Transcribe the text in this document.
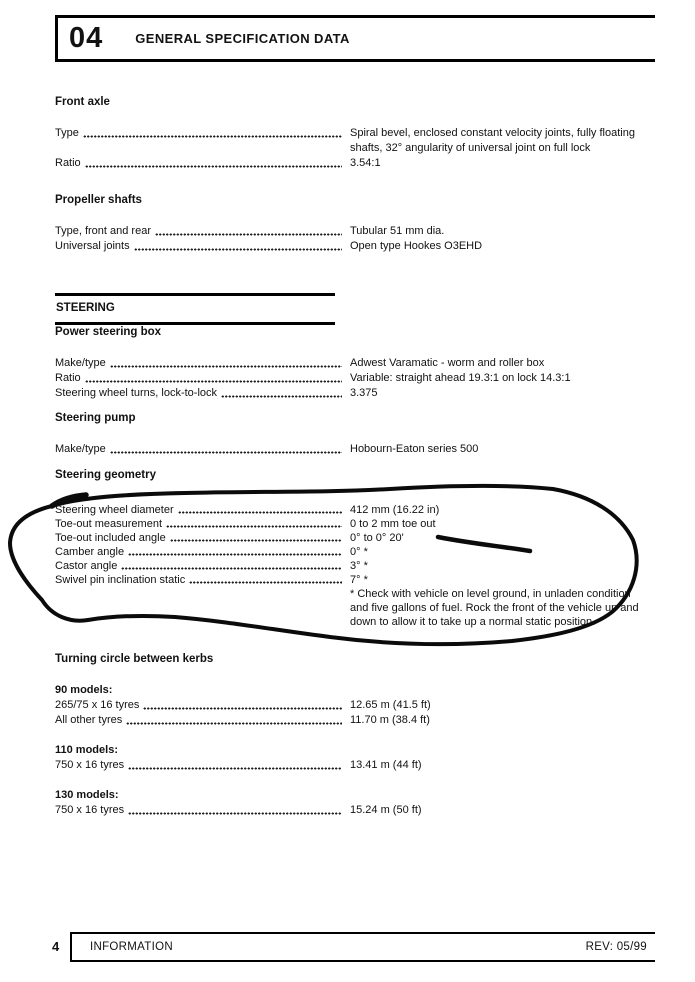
04 GENERAL SPECIFICATION DATA
Front axle
Type	Spiral bevel, enclosed constant velocity joints, fully floating shafts, 32° angularity of universal joint on full lock
Ratio	3.54:1
Propeller shafts
Type, front and rear	Tubular 51 mm dia.
Universal joints	Open type Hookes O3EHD
STEERING
Power steering box
Make/type	Adwest Varamatic - worm and roller box
Ratio	Variable: straight ahead 19.3:1 on lock 14.3:1
Steering wheel turns, lock-to-lock	3.375
Steering pump
Make/type	Hobourn-Eaton series 500
Steering geometry
Steering wheel diameter	412 mm (16.22 in)
Toe-out measurement	0 to 2 mm toe out
Toe-out included angle	0° to 0° 20'
Camber angle	0° *
Castor angle	3° *
Swivel pin inclination static	7° *
* Check with vehicle on level ground, in unladen condition and five gallons of fuel. Rock the front of the vehicle up and down to allow it to take up a normal static position.
Turning circle between kerbs
90 models:
265/75 x 16 tyres	12.65 m (41.5 ft)
All other tyres	11.70 m (38.4 ft)
110 models:
750 x 16 tyres	13.41 m (44 ft)
130 models:
750 x 16 tyres	15.24 m (50 ft)
4	INFORMATION	REV: 05/99
